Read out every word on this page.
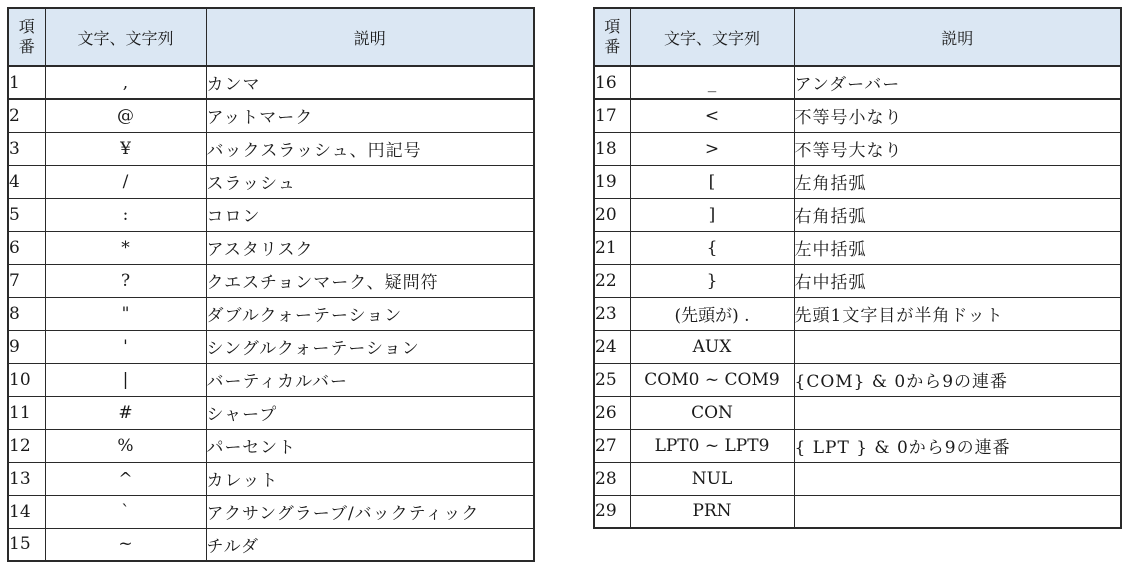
項
番	文字、文字列	説明
1	,	カンマ
2	@	アットマーク
3	¥	バックスラッシュ、円記号
4	/	スラッシュ
5	:	コロン
6	*	アスタリスク
7	?	クエスチョンマーク、疑問符
8	"	ダブルクォーテーション
9	'	シングルクォーテーション
10	|	バーティカルバー
11	#	シャープ
12	%	パーセント
13	^	カレット
14	`	アクサングラーブ/バックティック
15	~	チルダ
項
番	文字、文字列	説明
16	_	アンダーバー
17	<	不等号小なり
18	>	不等号大なり
19	[	左角括弧
20	]	右角括弧
21	{	左中括弧
22	}	右中括弧
23	(先頭が) .	先頭1文字目が半角ドット
24	AUX	
25	COM0 ~ COM9	{COM} & 0から9の連番
26	CON	
27	LPT0 ~ LPT9	{ LPT } & 0から9の連番
28	NUL	
29	PRN	
